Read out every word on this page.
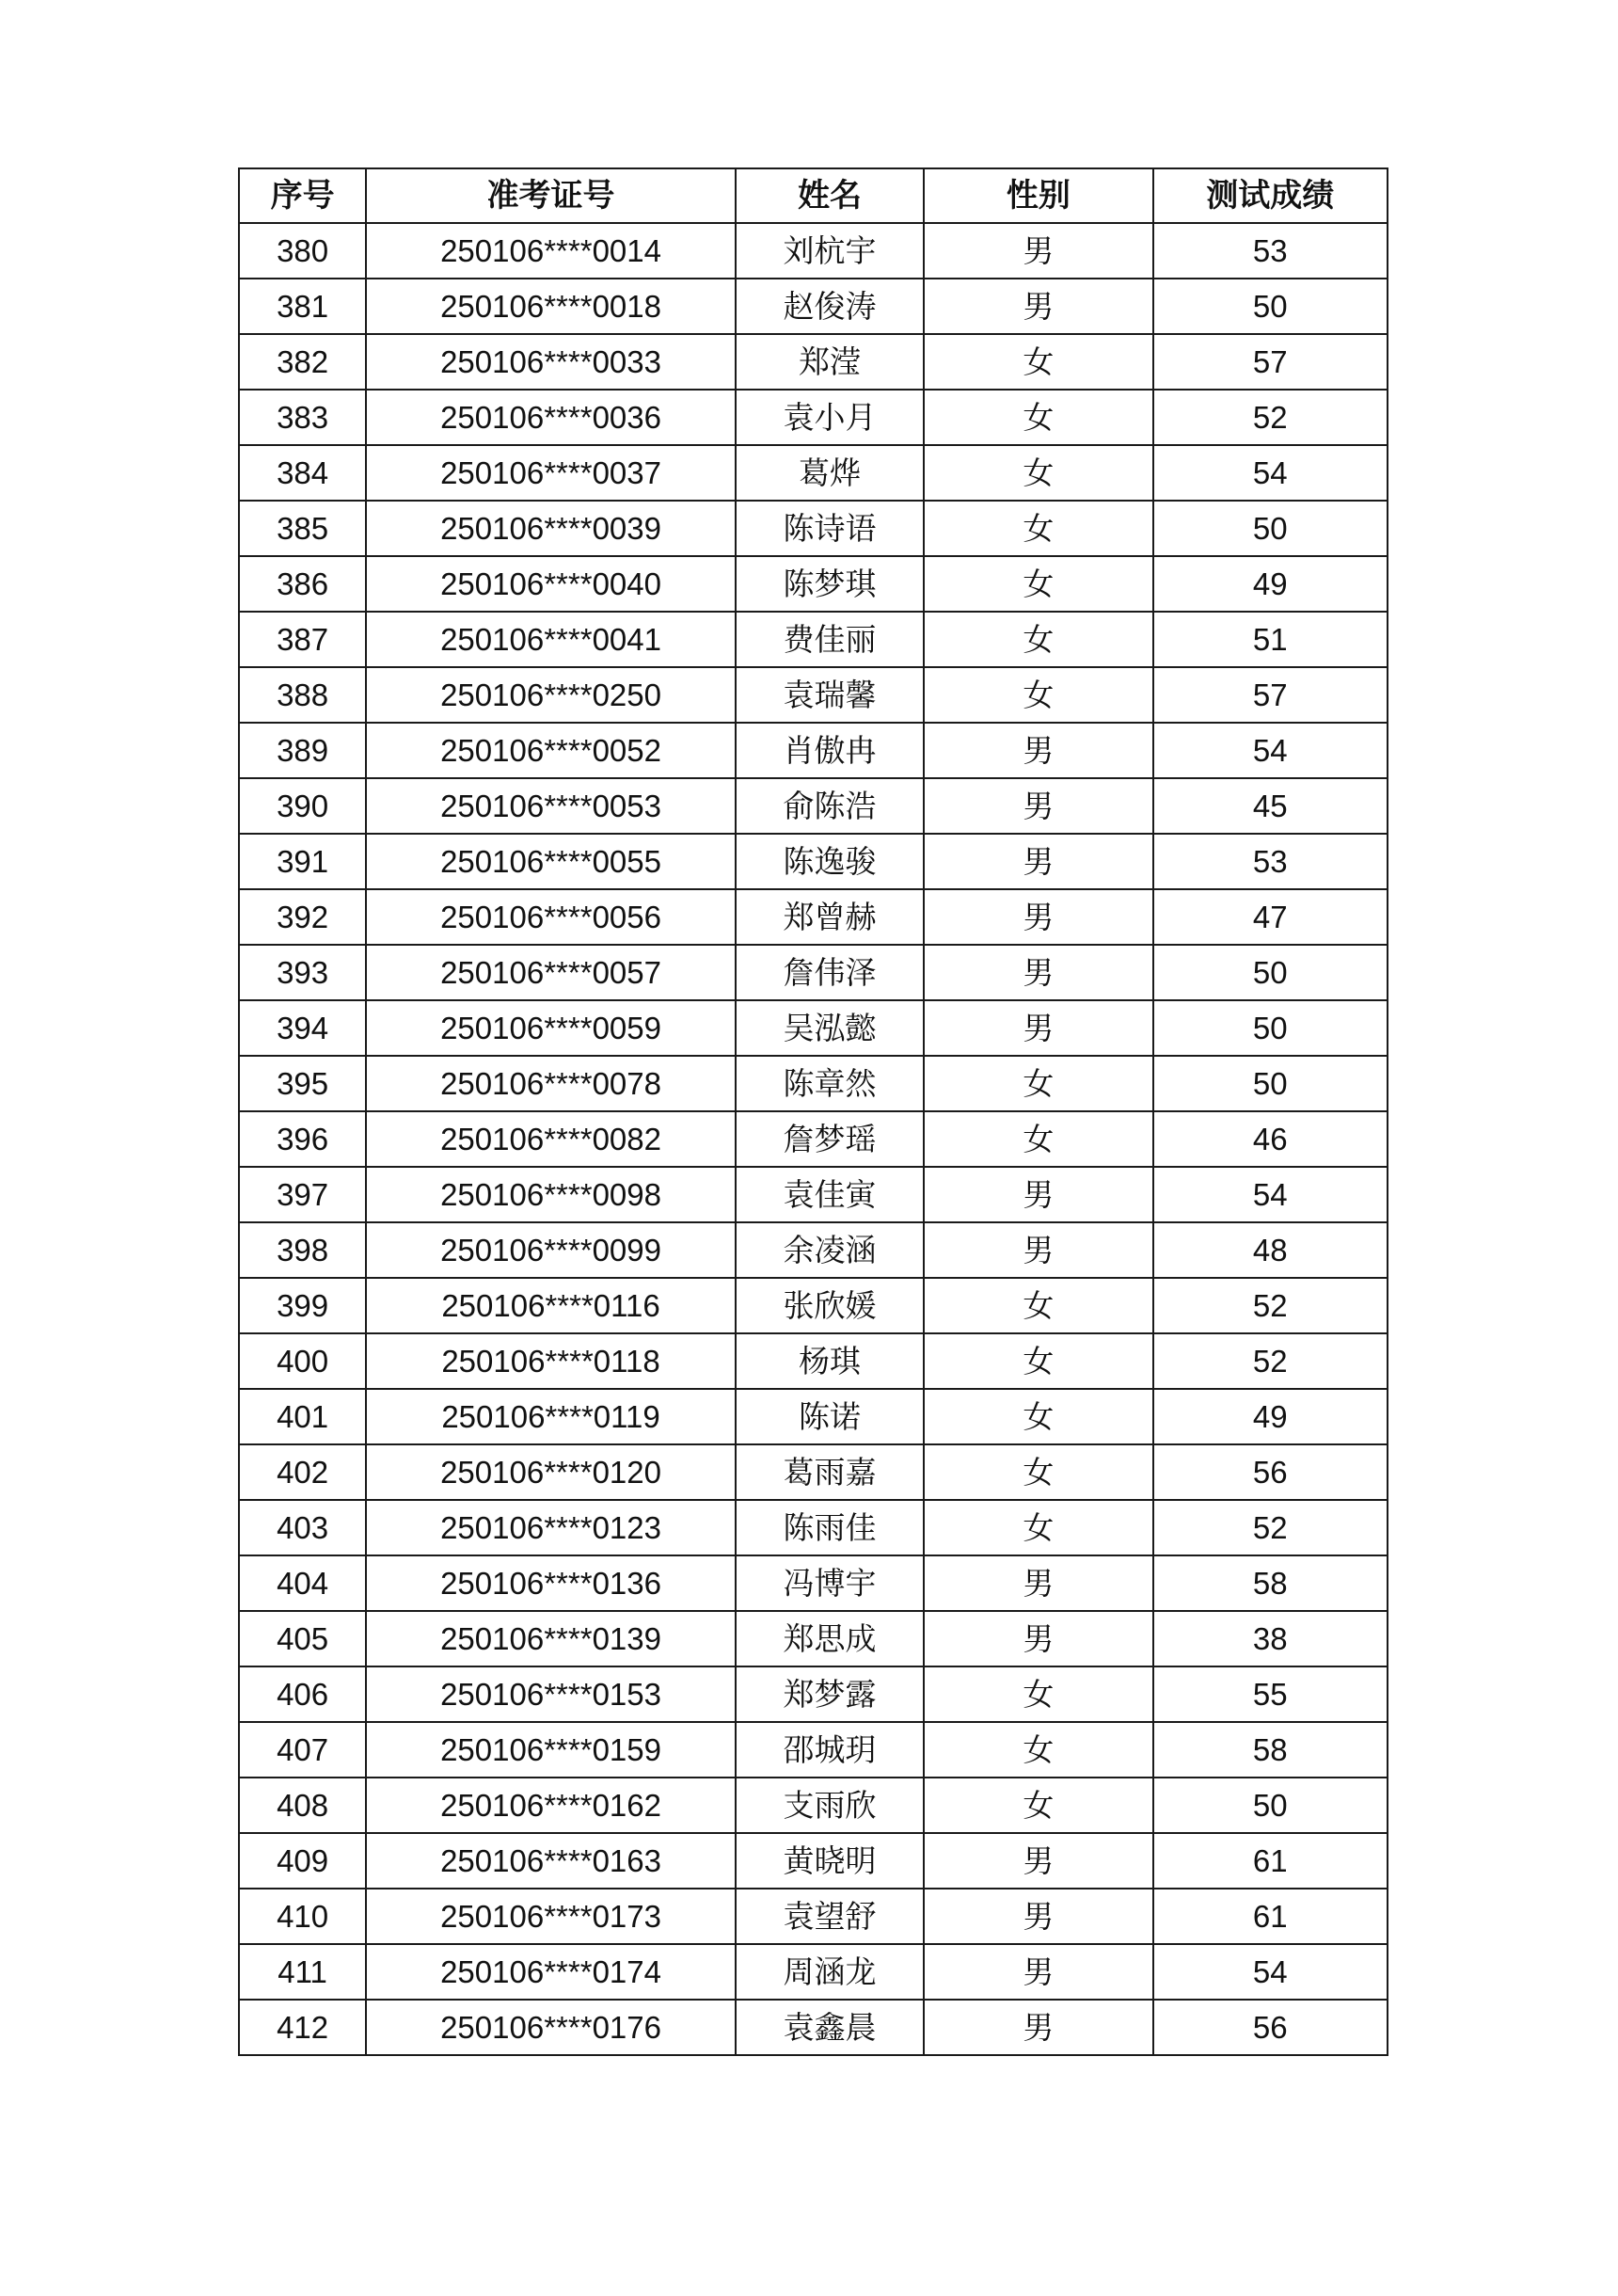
序号	准考证号	姓名	性别	测试成绩
380	250106****0014	刘杭宇	男	53
381	250106****0018	赵俊涛	男	50
382	250106****0033	郑滢	女	57
383	250106****0036	袁小月	女	52
384	250106****0037	葛烨	女	54
385	250106****0039	陈诗语	女	50
386	250106****0040	陈梦琪	女	49
387	250106****0041	费佳丽	女	51
388	250106****0250	袁瑞馨	女	57
389	250106****0052	肖傲冉	男	54
390	250106****0053	俞陈浩	男	45
391	250106****0055	陈逸骏	男	53
392	250106****0056	郑曾赫	男	47
393	250106****0057	詹伟泽	男	50
394	250106****0059	吴泓懿	男	50
395	250106****0078	陈章然	女	50
396	250106****0082	詹梦瑶	女	46
397	250106****0098	袁佳寅	男	54
398	250106****0099	余凌涵	男	48
399	250106****0116	张欣媛	女	52
400	250106****0118	杨琪	女	52
401	250106****0119	陈诺	女	49
402	250106****0120	葛雨嘉	女	56
403	250106****0123	陈雨佳	女	52
404	250106****0136	冯博宇	男	58
405	250106****0139	郑思成	男	38
406	250106****0153	郑梦露	女	55
407	250106****0159	邵城玥	女	58
408	250106****0162	支雨欣	女	50
409	250106****0163	黄晓明	男	61
410	250106****0173	袁望舒	男	61
411	250106****0174	周涵龙	男	54
412	250106****0176	袁鑫晨	男	56
